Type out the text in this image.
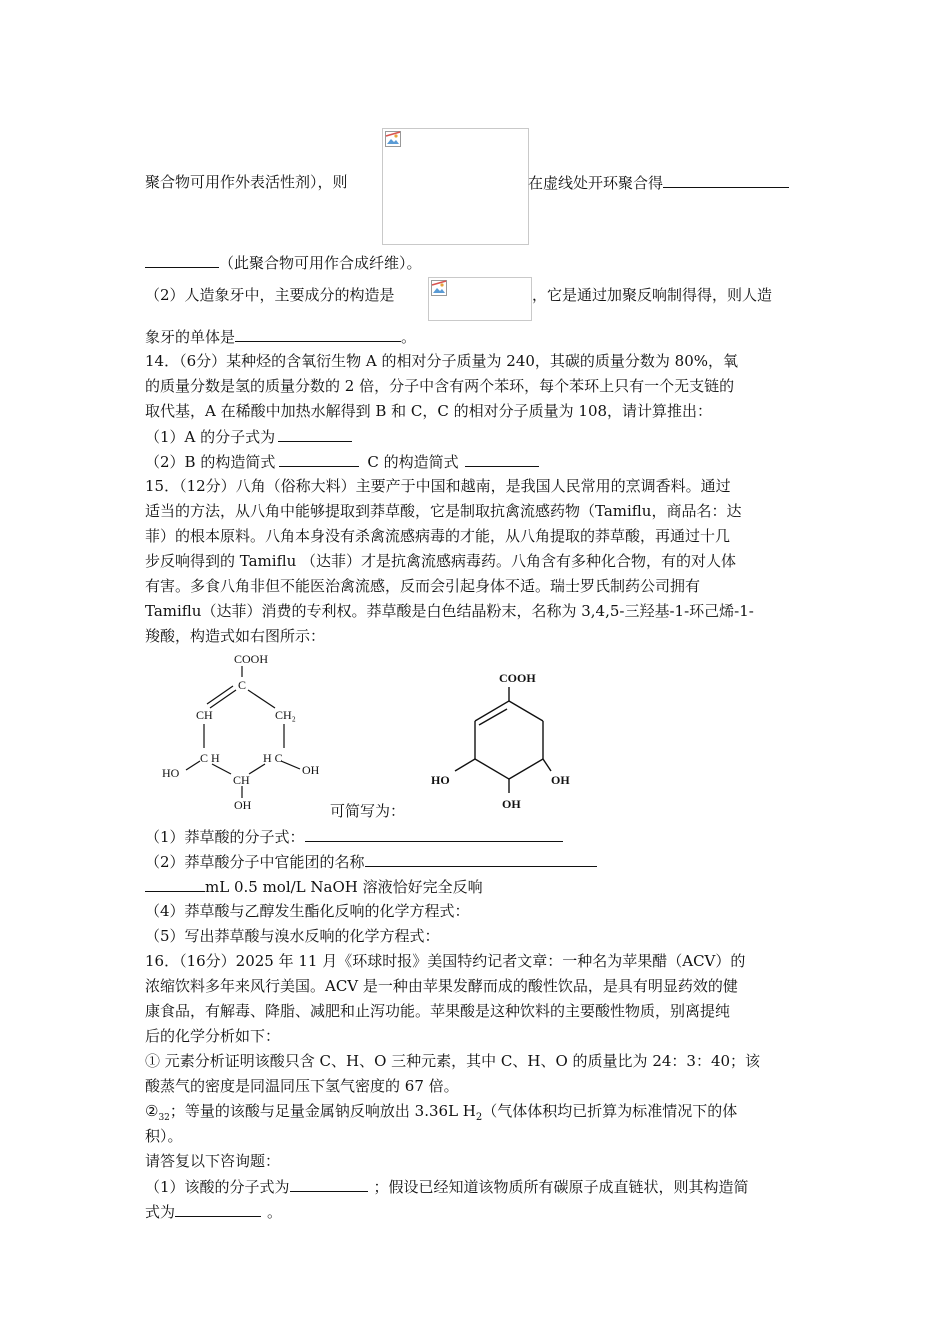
聚合物可用作外表活性剂），则	在虚线处开环聚合得
（此聚合物可用作合成纤维）。
（2）人造象牙中，主要成分的构造是	，它是通过加聚反响制得得，则人造
象牙的单体是	。
14．（6分）某种烃的含氧衍生物 A 的相对分子质量为 240，其碳的质量分数为 80%，氧
的质量分数是氢的质量分数的 2 倍，分子中含有两个苯环，每个苯环上只有一个无支链的
取代基，A 在稀酸中加热水解得到 B 和 C，C 的相对分子质量为 108，请计算推出：
（1）A 的分子式为
（2）B 的构造简式	C 的构造简式
15．（12分）八角（俗称大料）主要产于中国和越南，是我国人民常用的烹调香料。通过
适当的方法，从八角中能够提取到莽草酸，它是制取抗禽流感药物（Tamiflu，商品名：达
菲）的根本原料。八角本身没有杀禽流感病毒的才能，从八角提取的莽草酸，再通过十几
步反响得到的 Tamiflu （达菲）才是抗禽流感病毒药。八角含有多种化合物，有的对人体
有害。多食八角非但不能医治禽流感，反而会引起身体不适。瑞士罗氏制药公司拥有
Tamiflu（达菲）消费的专利权。莽草酸是白色结晶粉末，名称为 3,4,5-三羟基-1-环己烯-1-
羧酸，构造式如右图所示：
COOH
C
CH	CH₂
HO
C H
CH
H C
OH
OH	可简写为：
COOH
HO	OH
OH
（1）莽草酸的分子式：
（2）莽草酸分子中官能团的名称
mL 0.5 mol/L NaOH 溶液恰好完全反响
（4）莽草酸与乙醇发生酯化反响的化学方程式：
（5）写出莽草酸与溴水反响的化学方程式：
16．（16分）2025 年 11 月《环球时报》美国特约记者文章：一种名为苹果醋（ACV）的
浓缩饮料多年来风行美国。ACV 是一种由苹果发酵而成的酸性饮品，是具有明显药效的健
康食品，有解毒、降脂、减肥和止泻功能。苹果酸是这种饮料的主要酸性物质，别离提纯
后的化学分析如下：
① 元素分析证明该酸只含 C、H、O 三种元素，其中 C、H、O 的质量比为 24：3：40；该
酸蒸气的密度是同温同压下氢气密度的 67 倍。
$②_{32}$；等量的该酸与足量金属钠反响放出 3.36L $H_2$（气体体积均已折算为标准情况下的体
积）。
请答复以下咨询题：
（1）该酸的分子式为	；假设已经知道该物质所有碳原子成直链状，则其构造简
式为	。
